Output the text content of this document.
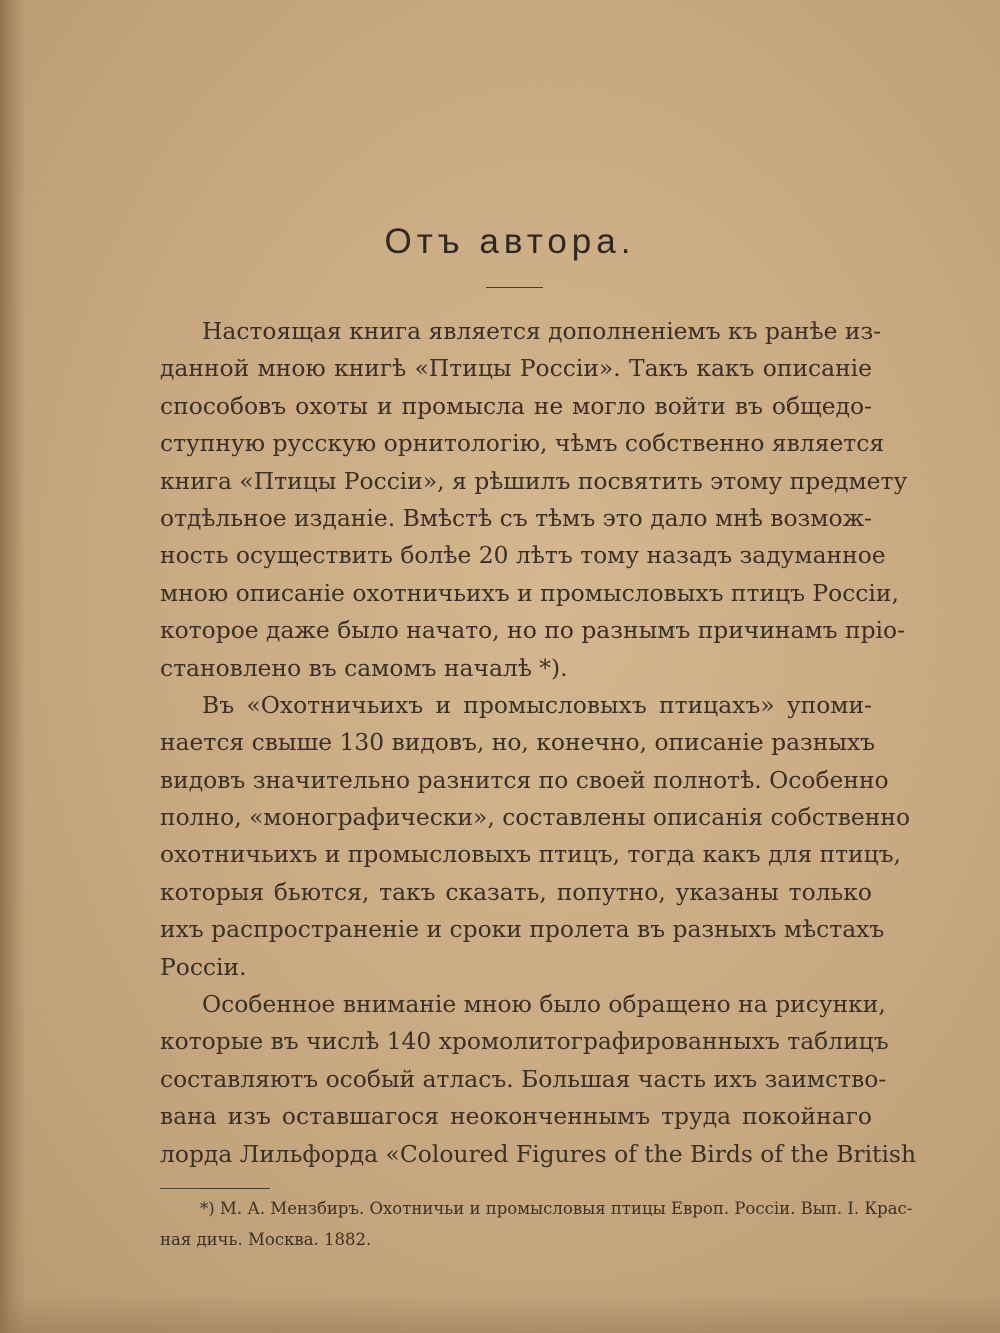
Отъ автора.
Настоящая книга является дополненіемъ къ ранѣе из-
данной мною книгѣ «Птицы Россіи». Такъ какъ описаніе
способовъ охоты и промысла не могло войти въ общедо-
ступную русскую орнитологію, чѣмъ собственно является
книга «Птицы Россіи», я рѣшилъ посвятить этому предмету
отдѣльное изданіе. Вмѣстѣ съ тѣмъ это дало мнѣ возмож-
ность осуществить болѣе 20 лѣтъ тому назадъ задуманное
мною описаніе охотничьихъ и промысловыхъ птицъ Россіи,
которое даже было начато, но по разнымъ причинамъ пріо-
становлено въ самомъ началѣ *).
Въ «Охотничьихъ и промысловыхъ птицахъ» упоми-
нается свыше 130 видовъ, но, конечно, описаніе разныхъ
видовъ значительно разнится по своей полнотѣ. Особенно
полно, «монографически», составлены описанія собственно
охотничьихъ и промысловыхъ птицъ, тогда какъ для птицъ,
которыя бьются, такъ сказать, попутно, указаны только
ихъ распространеніе и сроки пролета въ разныхъ мѣстахъ
Россіи.
Особенное вниманіе мною было обращено на рисунки,
которые въ числѣ 140 хромолитографированныхъ таблицъ
составляютъ особый атласъ. Большая часть ихъ заимство-
вана изъ оставшагося неоконченнымъ труда покойнаго
лорда Лильфорда «Coloured Figures of the Birds of the British
*) М. А. Мензбиръ. Охотничьи и промысловыя птицы Европ. Россіи. Вып. I. Крас-
ная дичь. Москва. 1882.
